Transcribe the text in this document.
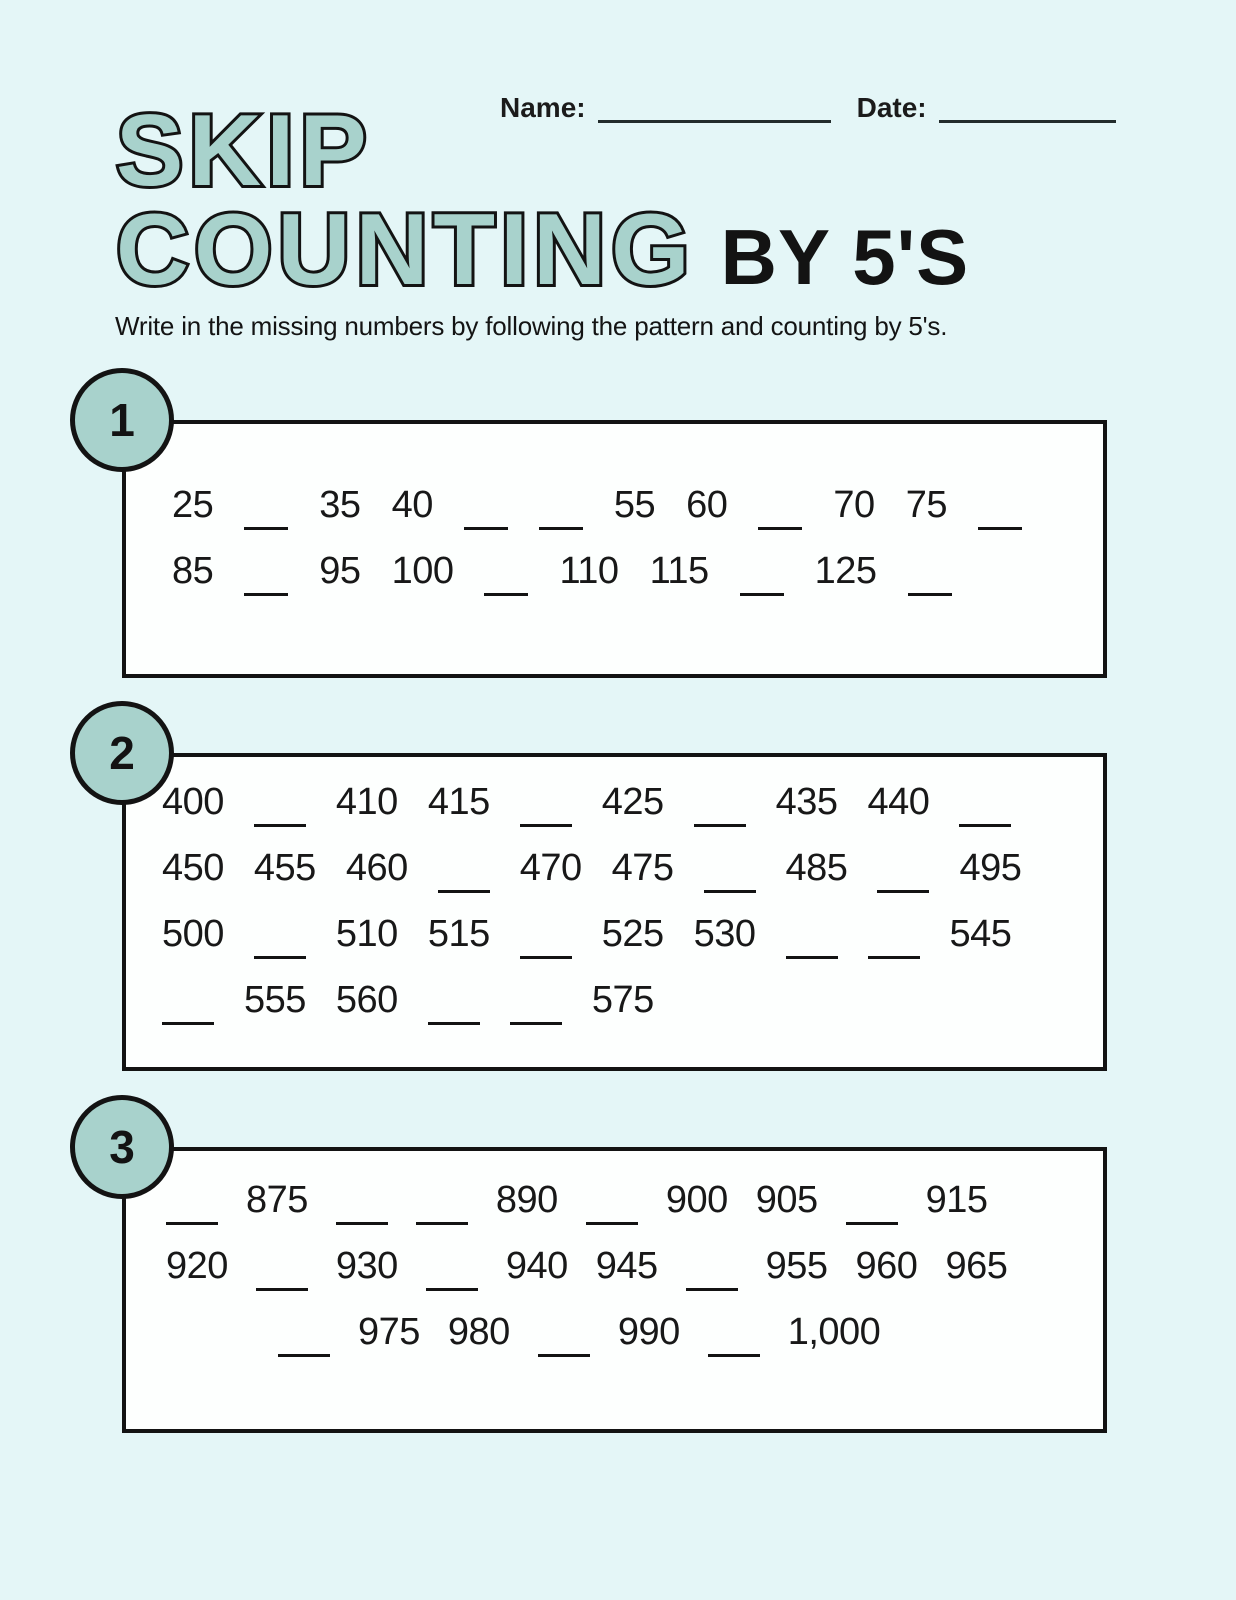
Name:	Date:
SKIP
COUNTING BY 5'S
Write in the missing numbers by following the pattern and counting by 5's.
1
25	35 40	55 60	70 75
85	95 100	110 115	125
2
400	410 415	425	435 440
450 455 460	470 475	485	495
500	510 515	525 530	545
555 560	575
3
875	890	900 905	915
920	930	940 945	955 960 965
975 980	990	1,000
